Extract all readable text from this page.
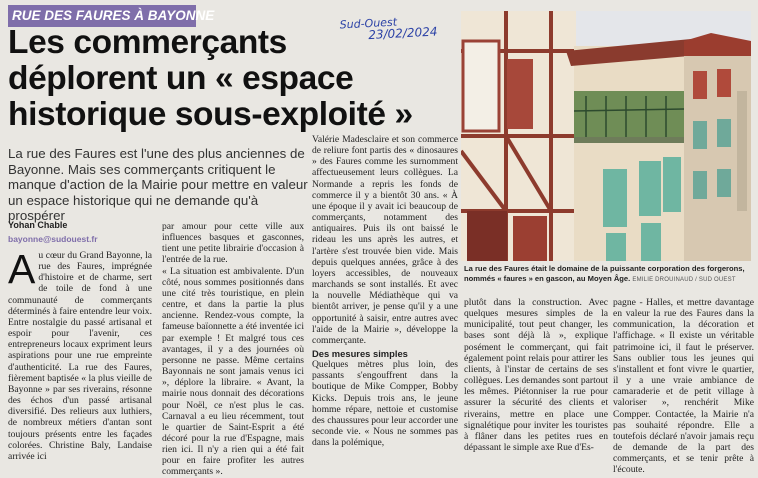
RUE DES FAURES À BAYONNE
Les commerçants
déplorent un « espace
historique sous-exploité »
Sud-Ouest
23/02/2024
La rue des Faures est l'une des plus anciennes de Bayonne. Mais ses commerçants critiquent le manque d'action de la Mairie pour mettre en valeur un espace historique qui ne demande qu'à prospérer
Yohan Chable
bayonne@sudouest.fr
Au cœur du Grand Bayonne, la rue des Faures, imprégnée d'histoire et de charme, sert de toile de fond à une communauté de commerçants déterminés à faire entendre leur voix. Entre nostalgie du passé artisanal et espoir pour l'avenir, ces entrepreneurs locaux expriment leurs aspirations pour une rue empreinte d'authenticité. La rue des Faures, fièrement baptisée « la plus vieille de Bayonne » par ses riverains, résonne des échos d'un passé artisanal diversifié. Des relieurs aux luthiers, de nombreux métiers d'antan sont toujours présents entre les façades colorées. Christine Baly, Landaise arrivée ici

par amour pour cette ville aux influences basques et gasconnes, tient une petite librairie d'occasion à l'entrée de la rue.

« La situation est ambivalente. D'un côté, nous sommes positionnés dans une cité très touristique, en plein centre, et dans la partie la plus ancienne. Rendez-vous compte, la fameuse baïonnette a été inventée ici par exemple ! Et malgré tous ces avantages, il y a des journées où personne ne passe. Même certains Bayonnais ne sont jamais venus ici », déplore la libraire. « Avant, la mairie nous donnait des décorations pour Noël, ce n'est plus le cas. Carnaval a eu lieu récemment, tout le quartier de Saint-Esprit a été décoré pour la rue d'Espagne, mais rien ici. Il n'y a rien qui a été fait pour en faire profiter les autres commerçants ».

Valérie Madesclaire et son commerce de reliure font partis des « dinosaures » des Faures comme les surnomment affectueusement leurs collègues. La Normande a repris les fonds de commerce il y a bientôt 30 ans. « À une époque il y avait ici beaucoup de commerçants, notamment des antiquaires. Puis ils ont baissé le rideau les uns après les autres, et l'artère s'est trouvée bien vide. Mais depuis quelques années, grâce à des loyers accessibles, de nouveaux marchands se sont installés. Et avec la nouvelle Médiathèque qui va bientôt arriver, je pense qu'il y a une opportunité à saisir, entre autres avec l'aide de la Mairie », développe la commerçante.

Des mesures simples

Quelques mètres plus loin, des passants s'engouffrent dans la boutique de Mike Compper, Bobby Kicks. Depuis trois ans, le jeune homme répare, nettoie et customise des chaussures pour leur accorder une seconde vie. « Nous ne sommes pas dans la polémique,

La rue des Faures était le domaine de la puissante corporation des forgerons, nommés « faures » en gascon, au Moyen Âge. EMILIE DROUINAUD / SUD OUEST

plutôt dans la construction. Avec quelques mesures simples de la municipalité, tout peut changer, les bases sont déjà là », explique posément le commerçant, qui fait également point relais pour attirer les clients, à l'instar de certains de ses collègues. Les demandes sont partout les mêmes. Piétonniser la rue pour assurer la sécurité des clients et riverains, mettre en place une signalétique pour inviter les touristes à flâner dans les petites rues en dépassant le simple axe Rue d'Es-

pagne - Halles, et mettre davantage en valeur la rue des Faures dans la communication, la décoration et l'affichage. « Il existe un véritable patrimoine ici, il faut le préserver. Sans oublier tous les jeunes qui s'installent et font vivre le quartier, il y a une vraie ambiance de camaraderie et de petit village à valoriser », renchérit Mike Compper. Contactée, la Mairie n'a pas souhaité répondre. Elle a toutefois déclaré n'avoir jamais reçu de demande de la part des commerçants, et se tenir prête à l'écoute.
